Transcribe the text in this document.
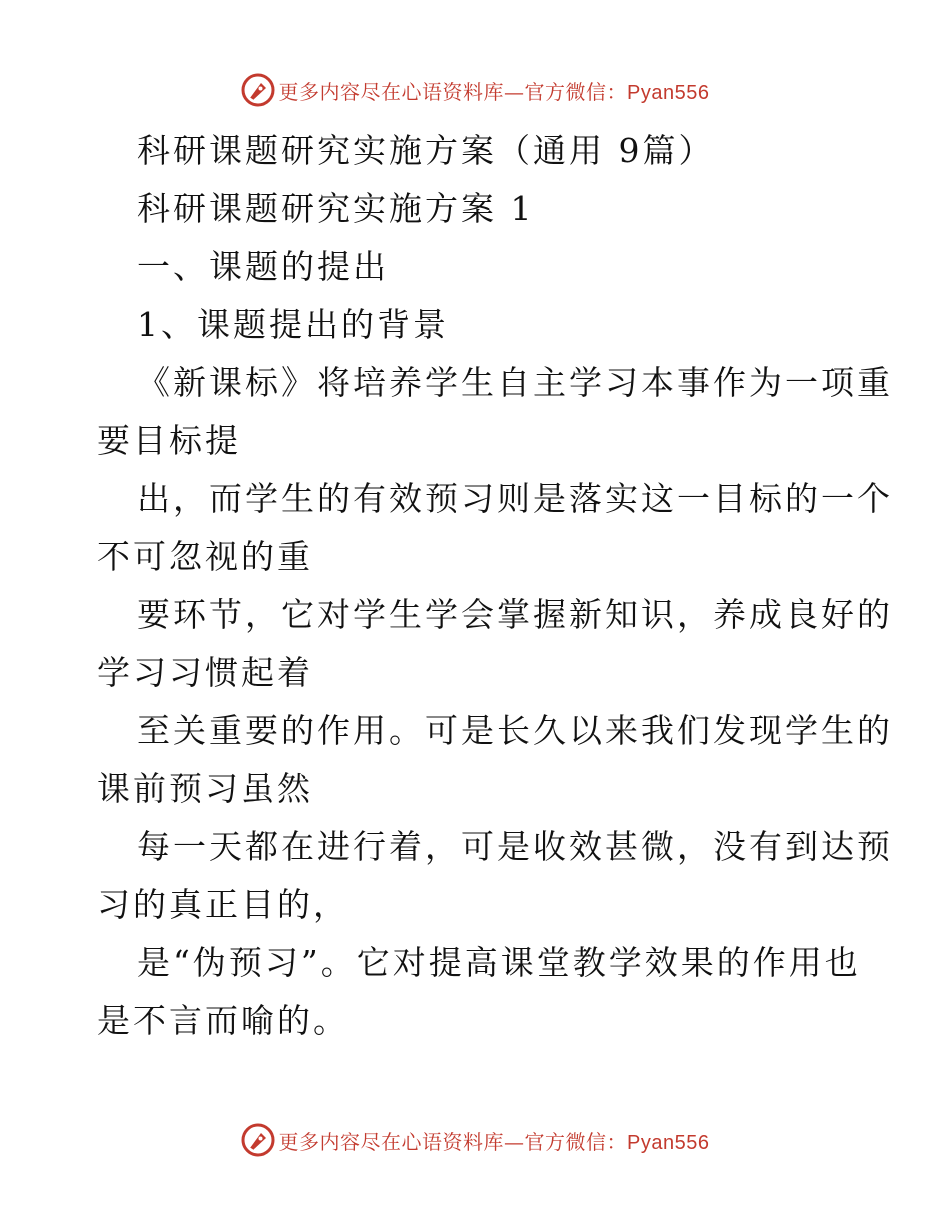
更多内容尽在心语资料库—官方微信：Pyan556
科研课题研究实施方案（通用 9篇）
科研课题研究实施方案 1
一、课题的提出
1、课题提出的背景
《新课标》将培养学生自主学习本事作为一项重
要目标提
出，而学生的有效预习则是落实这一目标的一个
不可忽视的重
要环节，它对学生学会掌握新知识，养成良好的
学习习惯起着
至关重要的作用。可是长久以来我们发现学生的
课前预习虽然
每一天都在进行着，可是收效甚微，没有到达预
习的真正目的，
是“伪预习”。它对提高课堂教学效果的作用也
是不言而喻的。
更多内容尽在心语资料库—官方微信：Pyan556
